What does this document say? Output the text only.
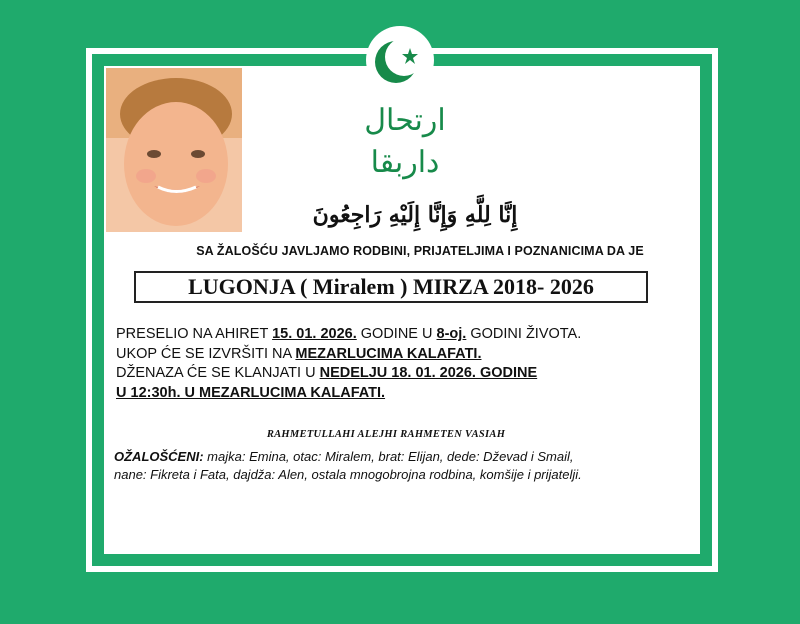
ارتحال داربقا
إِنَّا لِلَّهِ وَإِنَّا إِلَيْهِ رَاجِعُونَ
SA ŽALOŠĆU JAVLJAMO RODBINI, PRIJATELJIMA I POZNANICIMA DA JE
LUGONJA ( Miralem ) MIRZA 2018- 2026
PRESELIO NA AHIRET 15. 01. 2026. GODINE U 8-oj. GODINI ŽIVOTA.
UKOP ĆE SE IZVRŠITI NA MEZARLUCIMA KALAFATI.
DŽENAZA ĆE SE KLANJATI U NEDELJU 18. 01. 2026. GODINE
U 12:30h. U MEZARLUCIMA KALAFATI.
RAHMETULLAHI ALEJHI RAHMETEN VASIAH
OŽALOŠĆENI: majka: Emina, otac: Miralem, brat: Elijan, dede: Dževad i Smail,
nane: Fikreta i Fata, dajdža: Alen, ostala mnogobrojna rodbina, komšije i prijatelji.
